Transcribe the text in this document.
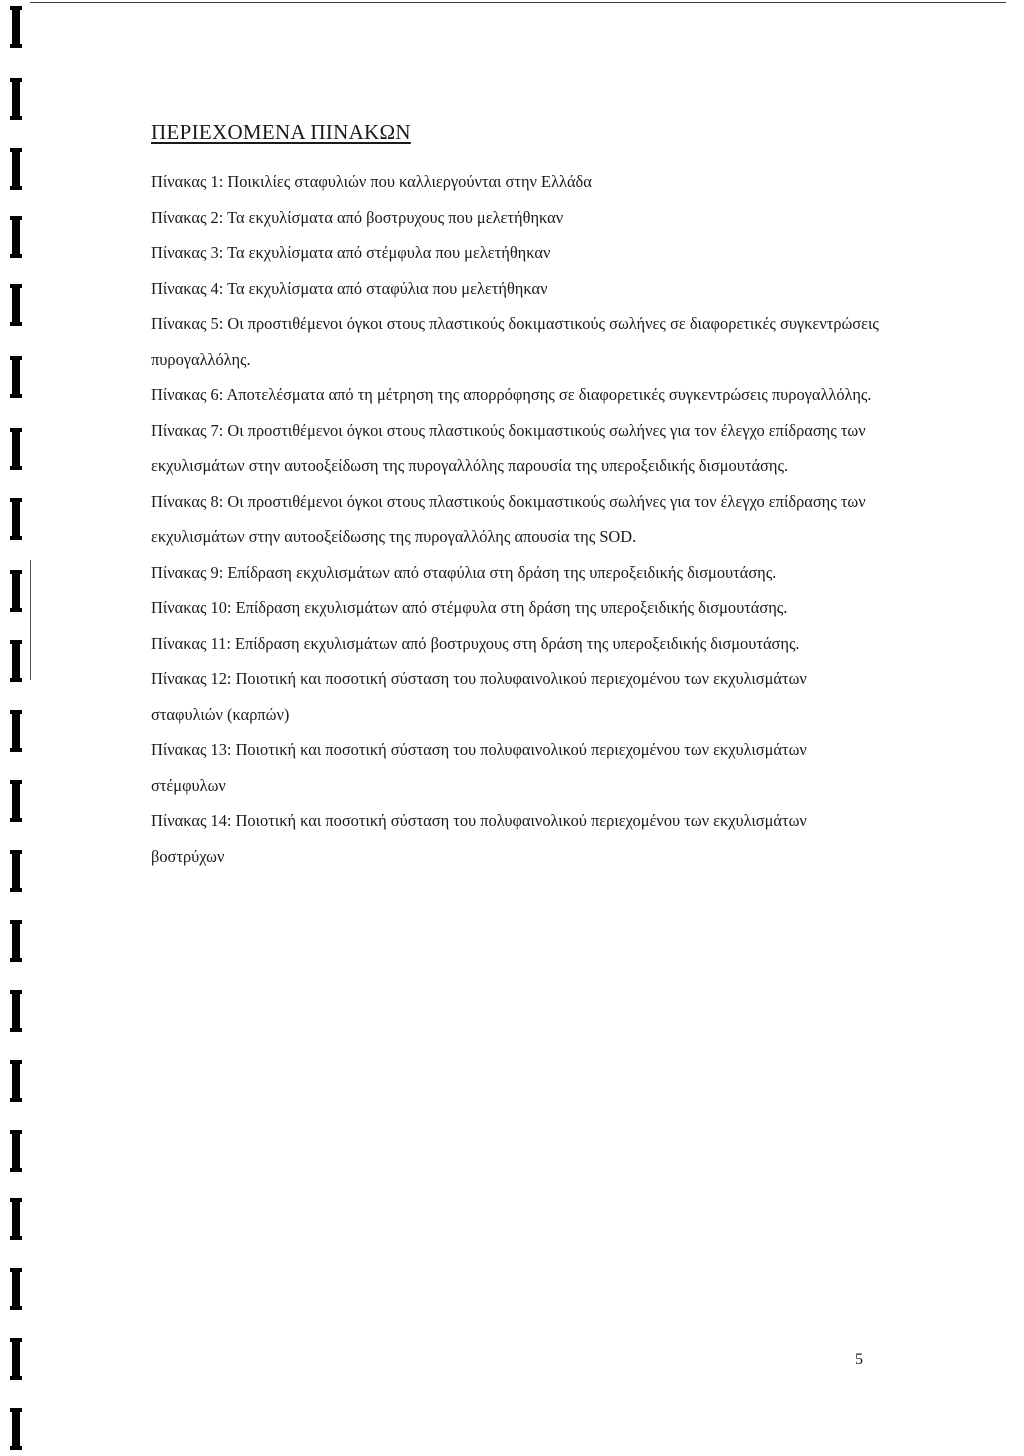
ΠΕΡΙΕΧΟΜΕΝΑ ΠΙΝΑΚΩΝ
Πίνακας 1: Ποικιλίες σταφυλιών που καλλιεργούνται στην Ελλάδα
Πίνακας 2: Τα εκχυλίσματα από βοστρυχους που μελετήθηκαν
Πίνακας 3: Τα εκχυλίσματα από στέμφυλα που μελετήθηκαν
Πίνακας 4: Τα εκχυλίσματα από σταφύλια που μελετήθηκαν
Πίνακας 5: Οι προστιθέμενοι όγκοι στους πλαστικούς δοκιμαστικούς σωλήνες σε διαφορετικές συγκεντρώσεις πυρογαλλόλης.
Πίνακας 6: Αποτελέσματα από τη μέτρηση της απορρόφησης σε διαφορετικές συγκεντρώσεις πυρογαλλόλης.
Πίνακας 7: Οι προστιθέμενοι όγκοι στους πλαστικούς δοκιμαστικούς σωλήνες για τον έλεγχο επίδρασης των εκχυλισμάτων στην αυτοοξείδωση της πυρογαλλόλης παρουσία της υπεροξειδικής δισμουτάσης.
Πίνακας 8: Οι προστιθέμενοι όγκοι στους πλαστικούς δοκιμαστικούς σωλήνες για τον έλεγχο επίδρασης των εκχυλισμάτων στην αυτοοξείδωσης της πυρογαλλόλης απουσία της SOD.
Πίνακας 9: Επίδραση εκχυλισμάτων από σταφύλια στη δράση της υπεροξειδικής δισμουτάσης.
Πίνακας 10: Επίδραση εκχυλισμάτων από στέμφυλα στη δράση της υπεροξειδικής δισμουτάσης.
Πίνακας 11: Επίδραση εκχυλισμάτων από βοστρυχους στη δράση της υπεροξειδικής δισμουτάσης.
Πίνακας 12: Ποιοτική και ποσοτική σύσταση του πολυφαινολικού περιεχομένου των εκχυλισμάτων σταφυλιών (καρπών)
Πίνακας 13: Ποιοτική και ποσοτική σύσταση του πολυφαινολικού περιεχομένου των εκχυλισμάτων στέμφυλων
Πίνακας 14: Ποιοτική και ποσοτική σύσταση του πολυφαινολικού περιεχομένου των εκχυλισμάτων βοστρύχων
5
